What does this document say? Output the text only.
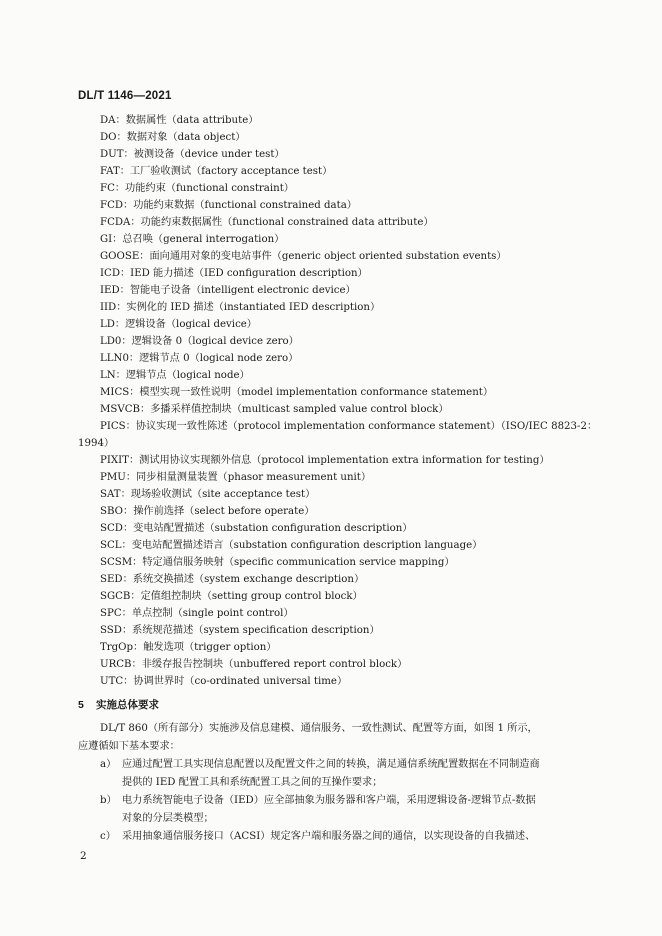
DL/T 1146—2021
DA：数据属性（data attribute）
DO：数据对象（data object）
DUT：被测设备（device under test）
FAT：工厂验收测试（factory acceptance test）
FC：功能约束（functional constraint）
FCD：功能约束数据（functional constrained data）
FCDA：功能约束数据属性（functional constrained data attribute）
GI：总召唤（general interrogation）
GOOSE：面向通用对象的变电站事件（generic object oriented substation events）
ICD：IED 能力描述（IED configuration description）
IED：智能电子设备（intelligent electronic device）
IID：实例化的 IED 描述（instantiated IED description）
LD：逻辑设备（logical device）
LD0：逻辑设备 0（logical device zero）
LLN0：逻辑节点 0（logical node zero）
LN：逻辑节点（logical node）
MICS：模型实现一致性说明（model implementation conformance statement）
MSVCB：多播采样值控制块（multicast sampled value control block）
PICS：协议实现一致性陈述（protocol implementation conformance statement）（ISO/IEC 8823-2：
1994）
PIXIT：测试用协议实现额外信息（protocol implementation extra information for testing）
PMU：同步相量测量装置（phasor measurement unit）
SAT：现场验收测试（site acceptance test）
SBO：操作前选择（select before operate）
SCD：变电站配置描述（substation configuration description）
SCL：变电站配置描述语言（substation configuration description language）
SCSM：特定通信服务映射（specific communication service mapping）
SED：系统交换描述（system exchange description）
SGCB：定值组控制块（setting group control block）
SPC：单点控制（single point control）
SSD：系统规范描述（system specification description）
TrgOp：触发选项（trigger option）
URCB：非缓存报告控制块（unbuffered report control block）
UTC：协调世界时（co-ordinated universal time）
5 实施总体要求
DL/T 860（所有部分）实施涉及信息建模、通信服务、一致性测试、配置等方面，如图 1 所示，
应遵循如下基本要求：
a） 应通过配置工具实现信息配置以及配置文件之间的转换，满足通信系统配置数据在不同制造商
提供的 IED 配置工具和系统配置工具之间的互操作要求；
b） 电力系统智能电子设备（IED）应全部抽象为服务器和客户端，采用逻辑设备-逻辑节点-数据
对象的分层类模型；
c） 采用抽象通信服务接口（ACSI）规定客户端和服务器之间的通信，以实现设备的自我描述、
2
